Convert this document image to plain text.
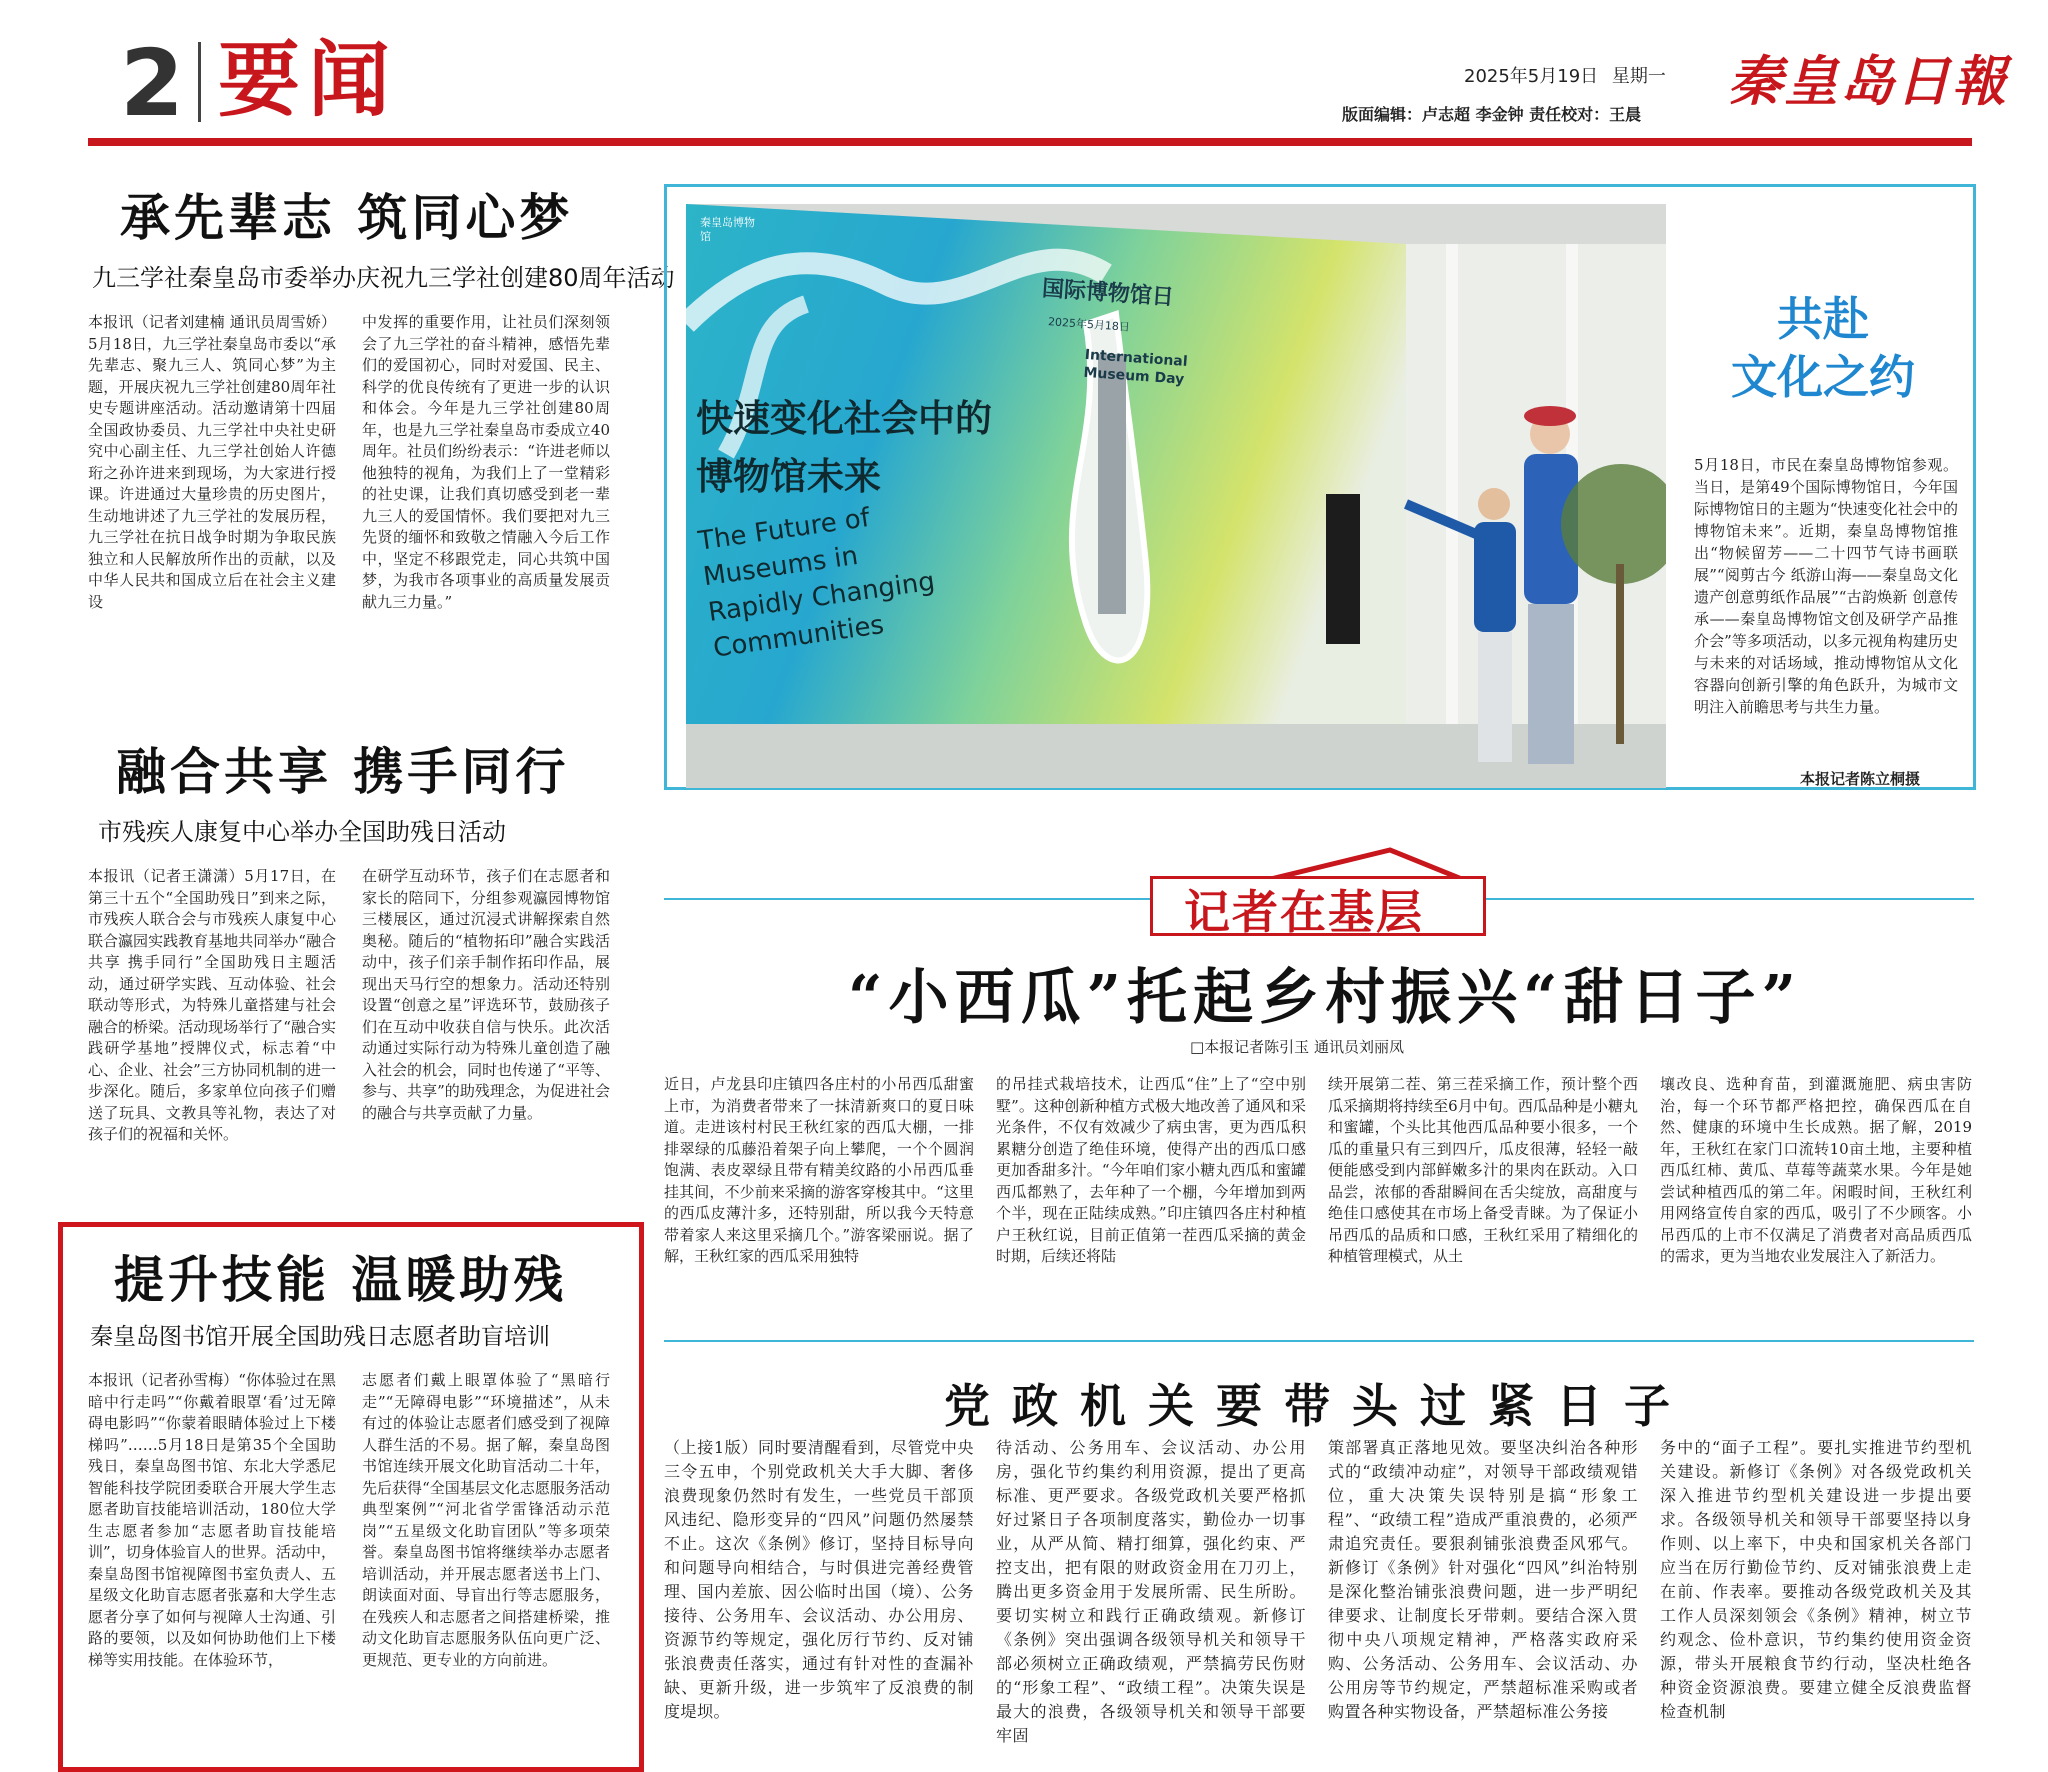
2 要闻	2025年5月19日 星期一
版面编辑：卢志超 李金钟 责任校对：王晨
秦皇岛日報
承先辈志 筑同心梦
九三学社秦皇岛市委举办庆祝九三学社创建80周年活动
本报讯（记者刘建楠 通讯员周雪娇）5月18日，九三学社秦皇岛市委以“承先辈志、聚九三人、筑同心梦”为主题，开展庆祝九三学社创建80周年社史专题讲座活动。活动邀请第十四届全国政协委员、九三学社中央社史研究中心副主任、九三学社创始人许德珩之孙许进来到现场，为大家进行授课。许进通过大量珍贵的历史图片，生动地讲述了九三学社的发展历程，九三学社在抗日战争时期为争取民族独立和人民解放所作出的贡献，以及中华人民共和国成立后在社会主义建设
中发挥的重要作用，让社员们深刻领会了九三学社的奋斗精神，感悟先辈们的爱国初心，同时对爱国、民主、科学的优良传统有了更进一步的认识和体会。今年是九三学社创建80周年，也是九三学社秦皇岛市委成立40周年。社员们纷纷表示：“许进老师以他独特的视角，为我们上了一堂精彩的社史课，让我们真切感受到老一辈九三人的爱国情怀。我们要把对九三先贤的缅怀和致敬之情融入今后工作中，坚定不移跟党走，同心共筑中国梦，为我市各项事业的高质量发展贡献九三力量。”
融合共享 携手同行
市残疾人康复中心举办全国助残日活动
本报讯（记者王潇潇）5月17日，在第三十五个“全国助残日”到来之际，市残疾人联合会与市残疾人康复中心联合瀛园实践教育基地共同举办“融合共享 携手同行”全国助残日主题活动，通过研学实践、互动体验、社会联动等形式，为特殊儿童搭建与社会融合的桥梁。活动现场举行了“融合实践研学基地”授牌仪式，标志着“中心、企业、社会”三方协同机制的进一步深化。随后，多家单位向孩子们赠送了玩具、文教具等礼物，表达了对孩子们的祝福和关怀。
在研学互动环节，孩子们在志愿者和家长的陪同下，分组参观瀛园博物馆三楼展区，通过沉浸式讲解探索自然奥秘。随后的“植物拓印”融合实践活动中，孩子们亲手制作拓印作品，展现出天马行空的想象力。活动还特别设置“创意之星”评选环节，鼓励孩子们在互动中收获自信与快乐。此次活动通过实际行动为特殊儿童创造了融入社会的机会，同时也传递了“平等、参与、共享”的助残理念，为促进社会的融合与共享贡献了力量。
提升技能 温暖助残
秦皇岛图书馆开展全国助残日志愿者助盲培训
本报讯（记者孙雪梅）“你体验过在黑暗中行走吗”“你戴着眼罩‘看’过无障碍电影吗”“你蒙着眼睛体验过上下楼梯吗”……5月18日是第35个全国助残日，秦皇岛图书馆、东北大学悉尼智能科技学院团委联合开展大学生志愿者助盲技能培训活动，180位大学生志愿者参加“志愿者助盲技能培训”，切身体验盲人的世界。活动中，秦皇岛图书馆视障图书室负责人、五星级文化助盲志愿者张嘉和大学生志愿者分享了如何与视障人士沟通、引路的要领，以及如何协助他们上下楼梯等实用技能。在体验环节，
志愿者们戴上眼罩体验了“黑暗行走”“无障碍电影”“环境描述”，从未有过的体验让志愿者们感受到了视障人群生活的不易。据了解，秦皇岛图书馆连续开展文化助盲活动二十年，先后获得“全国基层文化志愿服务活动典型案例”“河北省学雷锋活动示范岗”“五星级文化助盲团队”等多项荣誉。秦皇岛图书馆将继续举办志愿者培训活动，并开展志愿者送书上门、朗读面对面、导盲出行等志愿服务，在残疾人和志愿者之间搭建桥梁，推动文化助盲志愿服务队伍向更广泛、更规范、更专业的方向前进。
秦皇岛博物馆
国际博物馆日
2025年5月18日
International Museum Day
快速变化社会中的博物馆未来
The Future of Museums in Rapidly Changing Communities
共赴
文化之约
5月18日，市民在秦皇岛博物馆参观。当日，是第49个国际博物馆日，今年国际博物馆日的主题为“快速变化社会中的博物馆未来”。近期，秦皇岛博物馆推出“物候留芳——二十四节气诗书画联展”“阅剪古今 纸游山海——秦皇岛文化遗产创意剪纸作品展”“古韵焕新 创意传承——秦皇岛博物馆文创及研学产品推介会”等多项活动，以多元视角构建历史与未来的对话场域，推动博物馆从文化容器向创新引擎的角色跃升，为城市文明注入前瞻思考与共生力量。
本报记者陈立桐摄
记者在基层
“小西瓜”托起乡村振兴“甜日子”
□本报记者陈引玉 通讯员刘丽凤
近日，卢龙县印庄镇四各庄村的小吊西瓜甜蜜上市，为消费者带来了一抹清新爽口的夏日味道。走进该村村民王秋红家的西瓜大棚，一排排翠绿的瓜藤沿着架子向上攀爬，一个个圆润饱满、表皮翠绿且带有精美纹路的小吊西瓜垂挂其间，不少前来采摘的游客穿梭其中。“这里的西瓜皮薄汁多，还特别甜，所以我今天特意带着家人来这里采摘几个。”游客梁丽说。据了解，王秋红家的西瓜采用独特
的吊挂式栽培技术，让西瓜“住”上了“空中别墅”。这种创新种植方式极大地改善了通风和采光条件，不仅有效减少了病虫害，更为西瓜积累糖分创造了绝佳环境，使得产出的西瓜口感更加香甜多汁。“今年咱们家小糖丸西瓜和蜜罐西瓜都熟了，去年种了一个棚，今年增加到两个半，现在正陆续成熟。”印庄镇四各庄村种植户王秋红说，目前正值第一茬西瓜采摘的黄金时期，后续还将陆
续开展第二茬、第三茬采摘工作，预计整个西瓜采摘期将持续至6月中旬。西瓜品种是小糖丸和蜜罐，个头比其他西瓜品种要小很多，一个瓜的重量只有三到四斤，瓜皮很薄，轻轻一敲便能感受到内部鲜嫩多汁的果肉在跃动。入口品尝，浓郁的香甜瞬间在舌尖绽放，高甜度与绝佳口感使其在市场上备受青睐。为了保证小吊西瓜的品质和口感，王秋红采用了精细化的种植管理模式，从土
壤改良、选种育苗，到灌溉施肥、病虫害防治，每一个环节都严格把控，确保西瓜在自然、健康的环境中生长成熟。据了解，2019年，王秋红在家门口流转10亩土地，主要种植西瓜红柿、黄瓜、草莓等蔬菜水果。今年是她尝试种植西瓜的第二年。闲暇时间，王秋红利用网络宣传自家的西瓜，吸引了不少顾客。小吊西瓜的上市不仅满足了消费者对高品质西瓜的需求，更为当地农业发展注入了新活力。
党政机关要带头过紧日子
（上接1版）同时要清醒看到，尽管党中央三令五申，个别党政机关大手大脚、奢侈浪费现象仍然时有发生，一些党员干部顶风违纪、隐形变异的“四风”问题仍然屡禁不止。这次《条例》修订，坚持目标导向和问题导向相结合，与时俱进完善经费管理、国内差旅、因公临时出国（境）、公务接待、公务用车、会议活动、办公用房、资源节约等规定，强化厉行节约、反对铺张浪费责任落实，通过有针对性的查漏补缺、更新升级，进一步筑牢了反浪费的制度堤坝。
待活动、公务用车、会议活动、办公用房，强化节约集约利用资源，提出了更高标准、更严要求。各级党政机关要严格抓好过紧日子各项制度落实，勤俭办一切事业，从严从简、精打细算，强化约束、严控支出，把有限的财政资金用在刀刃上，腾出更多资金用于发展所需、民生所盼。要切实树立和践行正确政绩观。新修订《条例》突出强调各级领导机关和领导干部必须树立正确政绩观，严禁搞劳民伤财的“形象工程”、“政绩工程”。决策失误是最大的浪费，各级领导机关和领导干部要牢固
策部署真正落地见效。要坚决纠治各种形式的“政绩冲动症”，对领导干部政绩观错位，重大决策失误特别是搞“形象工程”、“政绩工程”造成严重浪费的，必须严肃追究责任。要狠刹铺张浪费歪风邪气。新修订《条例》针对强化“四风”纠治特别是深化整治铺张浪费问题，进一步严明纪律要求、让制度长牙带刺。要结合深入贯彻中央八项规定精神，严格落实政府采购、公务活动、公务用车、会议活动、办公用房等节约规定，严禁超标准采购或者购置各种实物设备，严禁超标准公务接
务中的“面子工程”。要扎实推进节约型机关建设。新修订《条例》对各级党政机关深入推进节约型机关建设进一步提出要求。各级领导机关和领导干部要坚持以身作则、以上率下，中央和国家机关各部门应当在厉行勤俭节约、反对铺张浪费上走在前、作表率。要推动各级党政机关及其工作人员深刻领会《条例》精神，树立节约观念、俭朴意识，节约集约使用资金资源，带头开展粮食节约行动，坚决杜绝各种资金资源浪费。要建立健全反浪费监督检查机制
